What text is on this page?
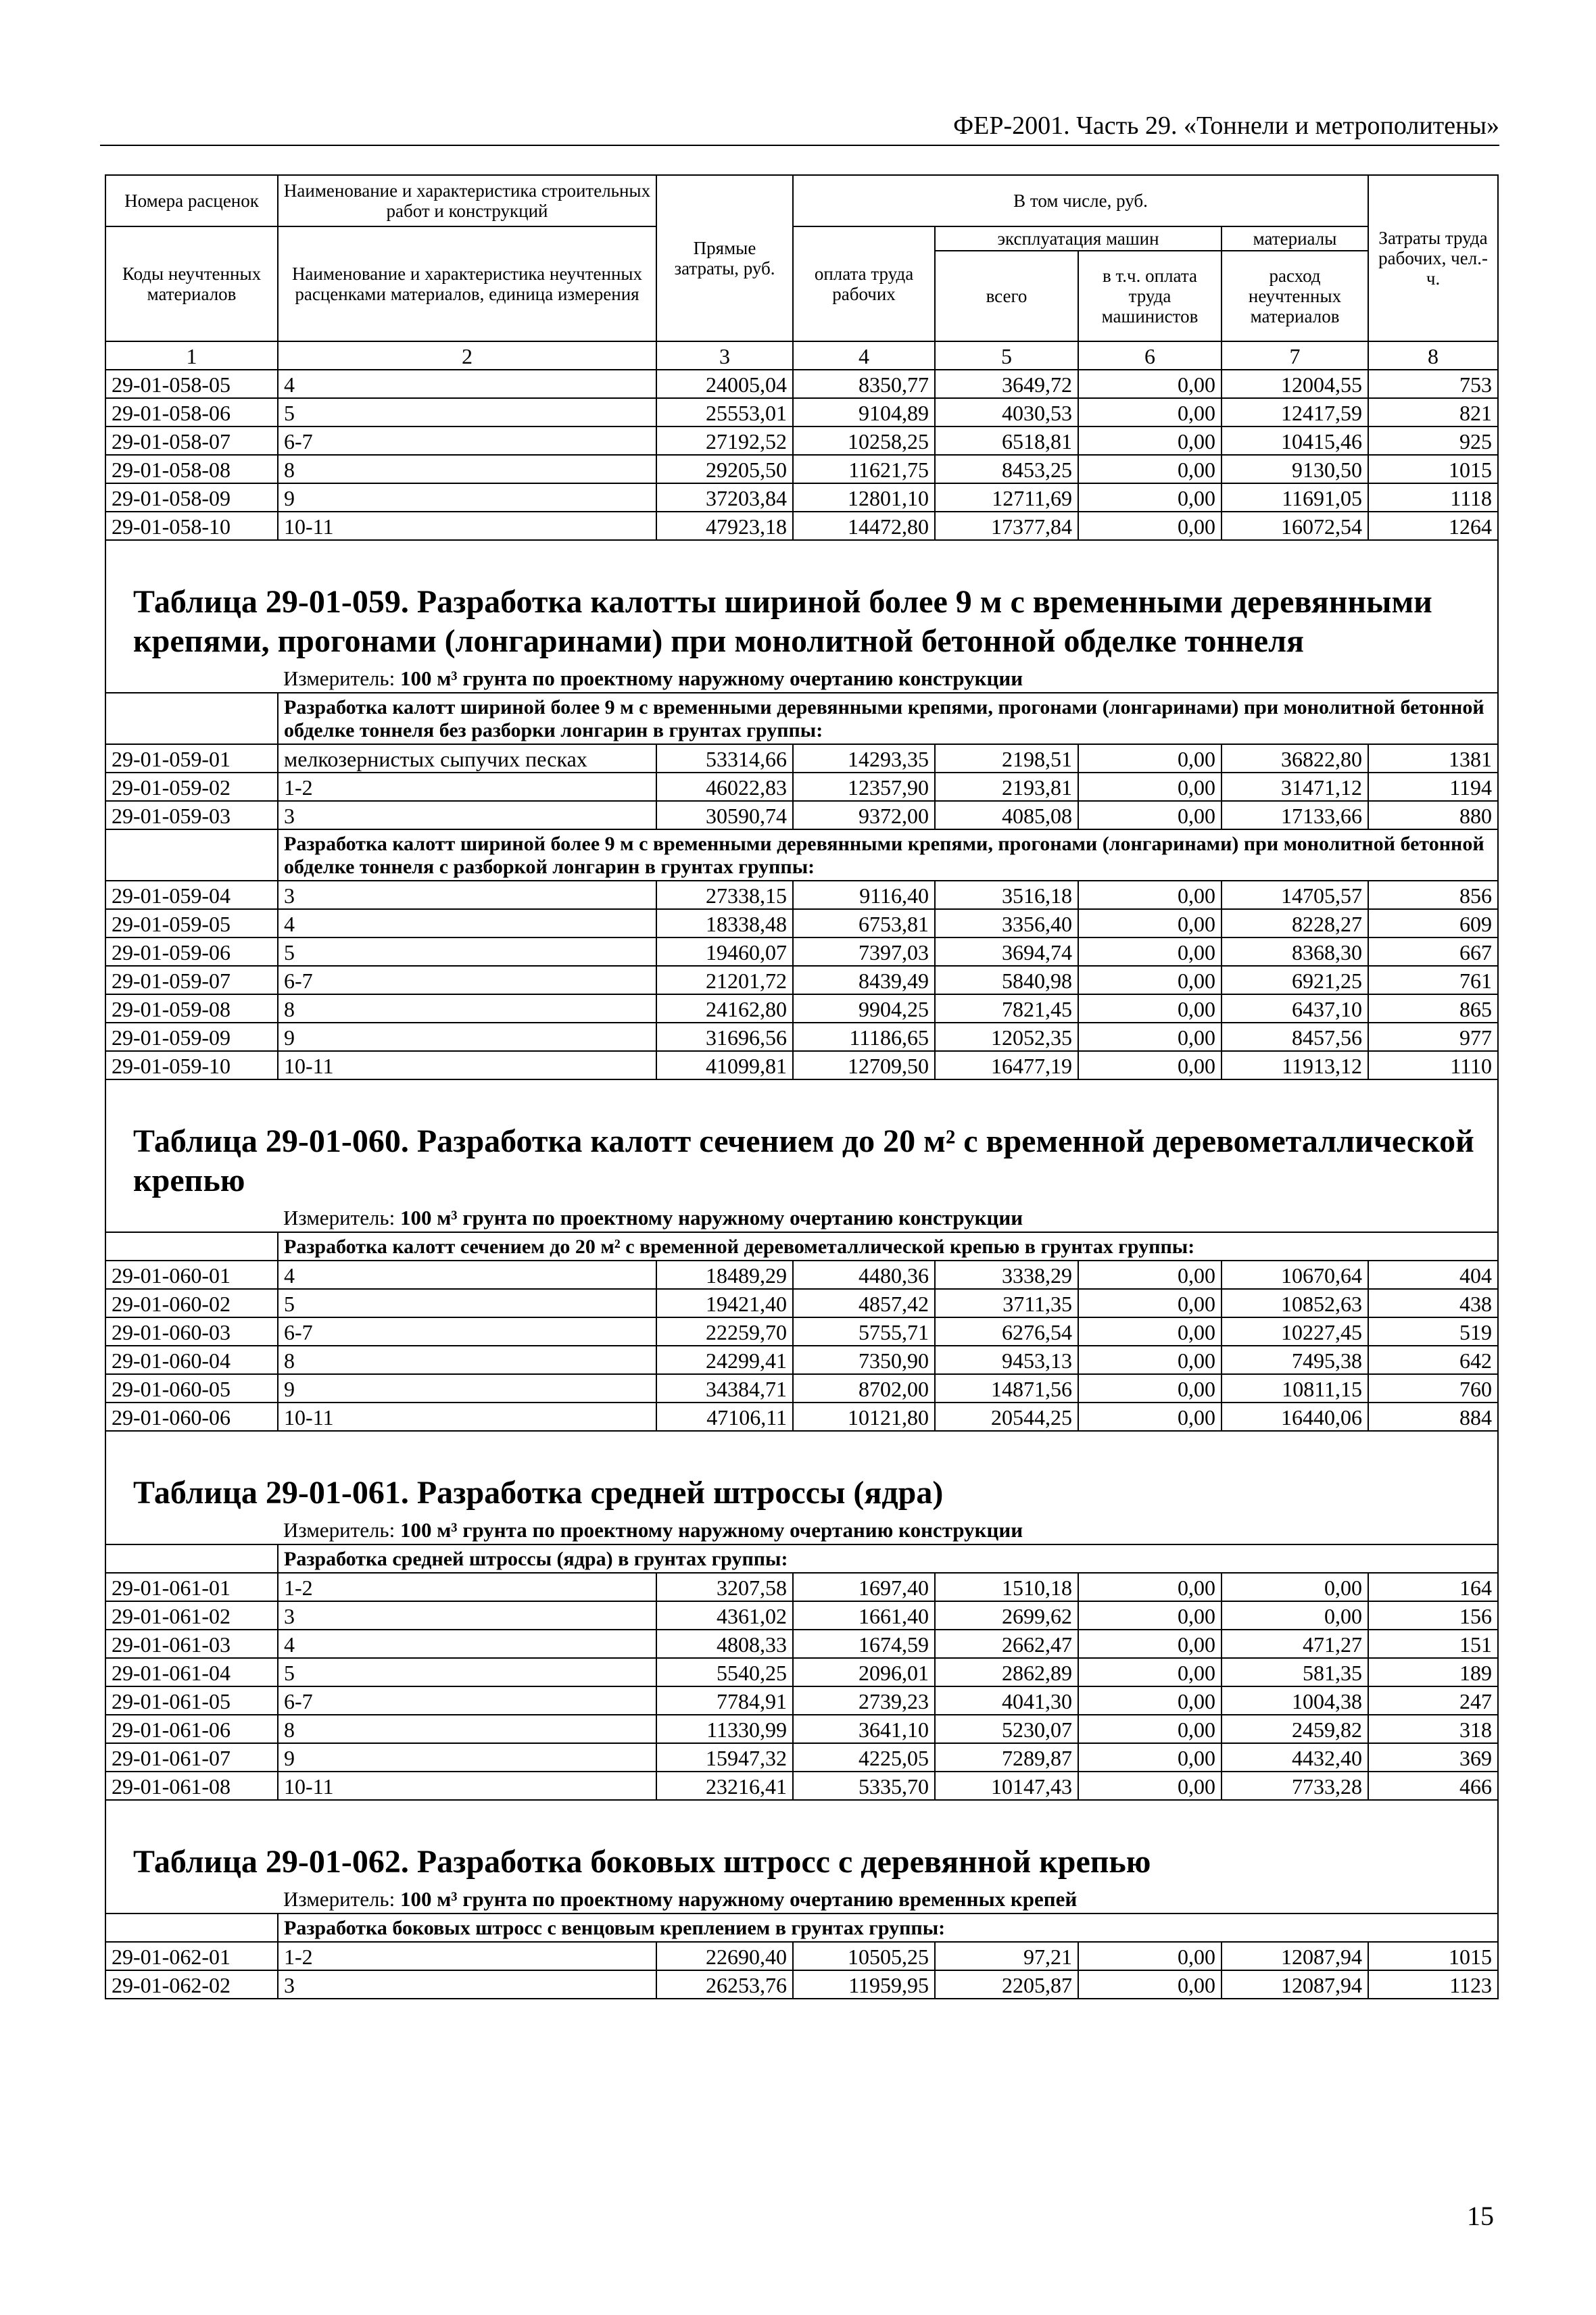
ФЕР-2001. Часть 29. «Тоннели и метрополитены»
Номера расценок	Наименование и характеристика строительных работ и конструкций	Прямые затраты, руб.	В том числе, руб.				Затраты труда рабочих, чел.-ч.
Коды неучтенных материалов	Наименование и характеристика неучтенных расценками материалов, единица измерения		оплата труда рабочих	эксплуатация машин		материалы	
				всего	в т.ч. оплата труда машинистов	расход неучтенных материалов	
1	2	3	4	5	6	7	8
29-01-058-05	4	24005,04	8350,77	3649,72	0,00	12004,55	753
29-01-058-06	5	25553,01	9104,89	4030,53	0,00	12417,59	821
29-01-058-07	6-7	27192,52	10258,25	6518,81	0,00	10415,46	925
29-01-058-08	8	29205,50	11621,75	8453,25	0,00	9130,50	1015
29-01-058-09	9	37203,84	12801,10	12711,69	0,00	11691,05	1118
29-01-058-10	10-11	47923,18	14472,80	17377,84	0,00	16072,54	1264

Таблица 29-01-059. Разработка калотты шириной более 9 м с временными деревянными крепями, прогонами (лонгаринами) при монолитной бетонной обделке тоннеля							
	Измеритель: 100 м³ грунта по проектному наружному очертанию конструкции						
	Разработка калотт шириной более 9 м с временными деревянными крепями, прогонами (лонгаринами) при монолитной бетонной обделке тоннеля без разборки лонгарин в грунтах группы:						
29-01-059-01	мелкозернистых сыпучих песках	53314,66	14293,35	2198,51	0,00	36822,80	1381
29-01-059-02	1-2	46022,83	12357,90	2193,81	0,00	31471,12	1194
29-01-059-03	3	30590,74	9372,00	4085,08	0,00	17133,66	880
	Разработка калотт шириной более 9 м с временными деревянными крепями, прогонами (лонгаринами) при монолитной бетонной обделке тоннеля с разборкой лонгарин в грунтах группы:						
29-01-059-04	3	27338,15	9116,40	3516,18	0,00	14705,57	856
29-01-059-05	4	18338,48	6753,81	3356,40	0,00	8228,27	609
29-01-059-06	5	19460,07	7397,03	3694,74	0,00	8368,30	667
29-01-059-07	6-7	21201,72	8439,49	5840,98	0,00	6921,25	761
29-01-059-08	8	24162,80	9904,25	7821,45	0,00	6437,10	865
29-01-059-09	9	31696,56	11186,65	12052,35	0,00	8457,56	977
29-01-059-10	10-11	41099,81	12709,50	16477,19	0,00	11913,12	1110

Таблица 29-01-060. Разработка калотт сечением до 20 м² с временной деревометаллической крепью							
	Измеритель: 100 м³ грунта по проектному наружному очертанию конструкции						
	Разработка калотт сечением до 20 м² с временной деревометаллической крепью в грунтах группы:						
29-01-060-01	4	18489,29	4480,36	3338,29	0,00	10670,64	404
29-01-060-02	5	19421,40	4857,42	3711,35	0,00	10852,63	438
29-01-060-03	6-7	22259,70	5755,71	6276,54	0,00	10227,45	519
29-01-060-04	8	24299,41	7350,90	9453,13	0,00	7495,38	642
29-01-060-05	9	34384,71	8702,00	14871,56	0,00	10811,15	760
29-01-060-06	10-11	47106,11	10121,80	20544,25	0,00	16440,06	884

Таблица 29-01-061. Разработка средней штроссы (ядра)							
	Измеритель: 100 м³ грунта по проектному наружному очертанию конструкции						
	Разработка средней штроссы (ядра) в грунтах группы:						
29-01-061-01	1-2	3207,58	1697,40	1510,18	0,00	0,00	164
29-01-061-02	3	4361,02	1661,40	2699,62	0,00	0,00	156
29-01-061-03	4	4808,33	1674,59	2662,47	0,00	471,27	151
29-01-061-04	5	5540,25	2096,01	2862,89	0,00	581,35	189
29-01-061-05	6-7	7784,91	2739,23	4041,30	0,00	1004,38	247
29-01-061-06	8	11330,99	3641,10	5230,07	0,00	2459,82	318
29-01-061-07	9	15947,32	4225,05	7289,87	0,00	4432,40	369
29-01-061-08	10-11	23216,41	5335,70	10147,43	0,00	7733,28	466

Таблица 29-01-062. Разработка боковых штросс с деревянной крепью							
	Измеритель: 100 м³ грунта по проектному наружному очертанию временных крепей						
	Разработка боковых штросс с венцовым креплением в грунтах группы:						
29-01-062-01	1-2	22690,40	10505,25	97,21	0,00	12087,94	1015
29-01-062-02	3	26253,76	11959,95	2205,87	0,00	12087,94	1123
15
